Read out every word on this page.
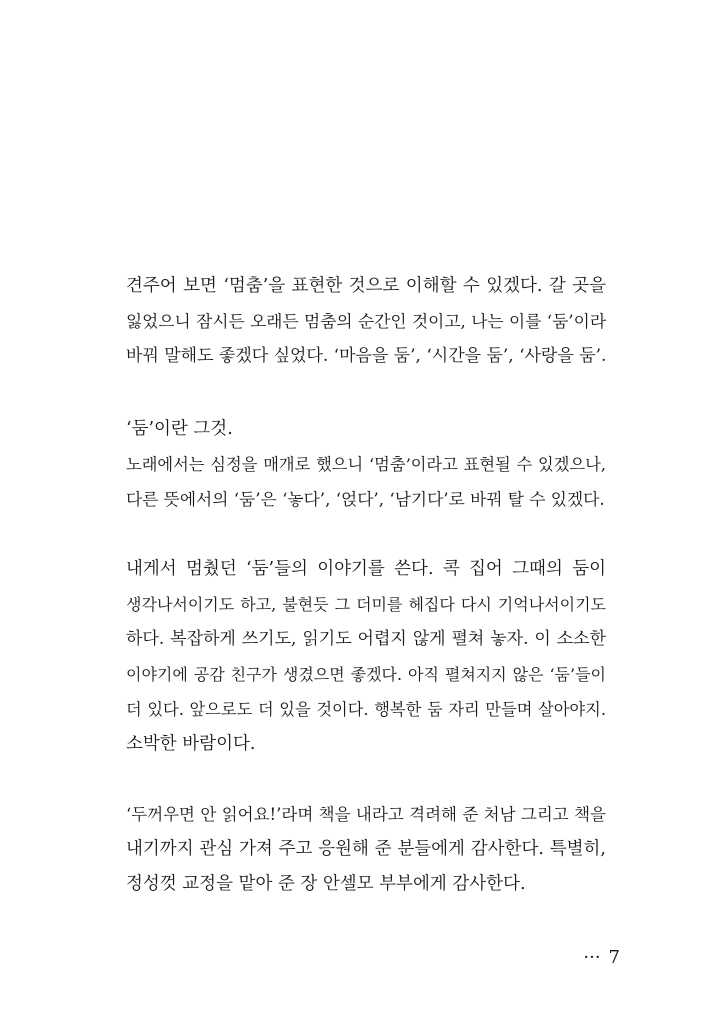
견주어 보면 ‘멈춤’을 표현한 것으로 이해할 수 있겠다. 갈 곳을
잃었으니 잠시든 오래든 멈춤의 순간인 것이고, 나는 이를 ‘둠’이라
바꿔 말해도 좋겠다 싶었다. ‘마음을 둠’, ‘시간을 둠’, ‘사랑을 둠’.
‘둠’이란 그것.
노래에서는 심정을 매개로 했으니 ‘멈춤’이라고 표현될 수 있겠으나,
다른 뜻에서의 ‘둠’은 ‘놓다’, ‘얹다’, ‘남기다’로 바꿔 탈 수 있겠다.
내게서 멈췄던 ‘둠’들의 이야기를 쓴다. 콕 집어 그때의 둠이
생각나서이기도 하고, 불현듯 그 더미를 헤집다 다시 기억나서이기도
하다. 복잡하게 쓰기도, 읽기도 어렵지 않게 펼쳐 놓자. 이 소소한
이야기에 공감 친구가 생겼으면 좋겠다. 아직 펼쳐지지 않은 ‘둠’들이
더 있다. 앞으로도 더 있을 것이다. 행복한 둠 자리 만들며 살아야지.
소박한 바람이다.
‘두꺼우면 안 읽어요!’라며 책을 내라고 격려해 준 처남 그리고 책을
내기까지 관심 가져 주고 응원해 준 분들에게 감사한다. 특별히,
정성껏 교정을 맡아 준 장 안셀모 부부에게 감사한다.
··· 7
